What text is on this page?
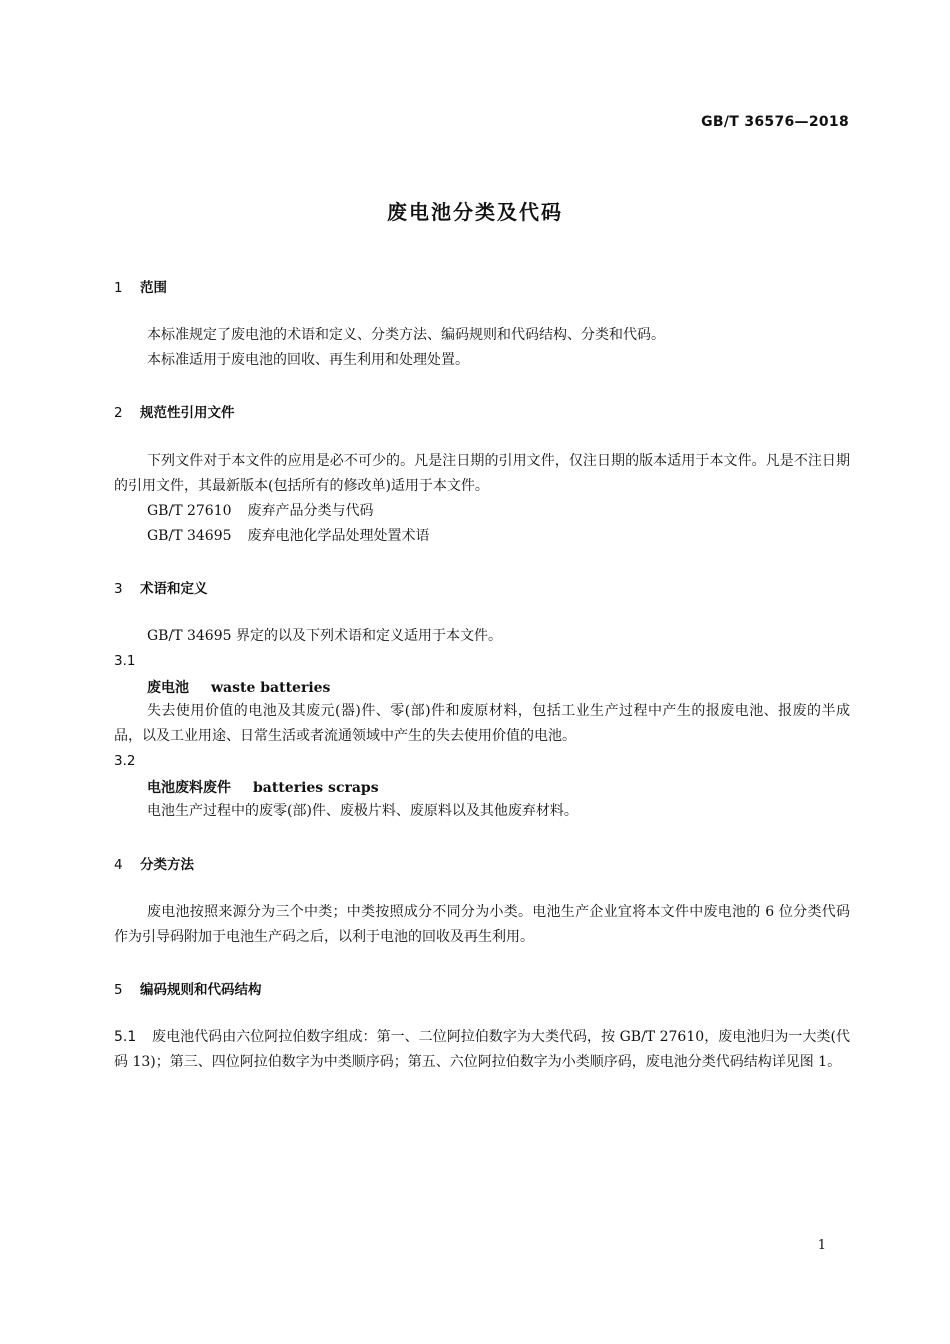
GB/T 36576—2018
废电池分类及代码
1 范围
本标准规定了废电池的术语和定义、分类方法、编码规则和代码结构、分类和代码。
本标准适用于废电池的回收、再生利用和处理处置。
2 规范性引用文件
下列文件对于本文件的应用是必不可少的。凡是注日期的引用文件，仅注日期的版本适用于本文件。凡是不注日期的引用文件，其最新版本(包括所有的修改单)适用于本文件。
GB/T 27610 废弃产品分类与代码
GB/T 34695 废弃电池化学品处理处置术语
3 术语和定义
GB/T 34695 界定的以及下列术语和定义适用于本文件。
3.1
废电池 waste batteries
失去使用价值的电池及其废元(器)件、零(部)件和废原材料，包括工业生产过程中产生的报废电池、报废的半成品，以及工业用途、日常生活或者流通领域中产生的失去使用价值的电池。
3.2
电池废料废件 batteries scraps
电池生产过程中的废零(部)件、废极片料、废原料以及其他废弃材料。
4 分类方法
废电池按照来源分为三个中类；中类按照成分不同分为小类。电池生产企业宜将本文件中废电池的 6 位分类代码作为引导码附加于电池生产码之后，以利于电池的回收及再生利用。
5 编码规则和代码结构
5.1 废电池代码由六位阿拉伯数字组成：第一、二位阿拉伯数字为大类代码，按 GB/T 27610，废电池归为一大类(代码 13)；第三、四位阿拉伯数字为中类顺序码；第五、六位阿拉伯数字为小类顺序码，废电池分类代码结构详见图 1。
1
